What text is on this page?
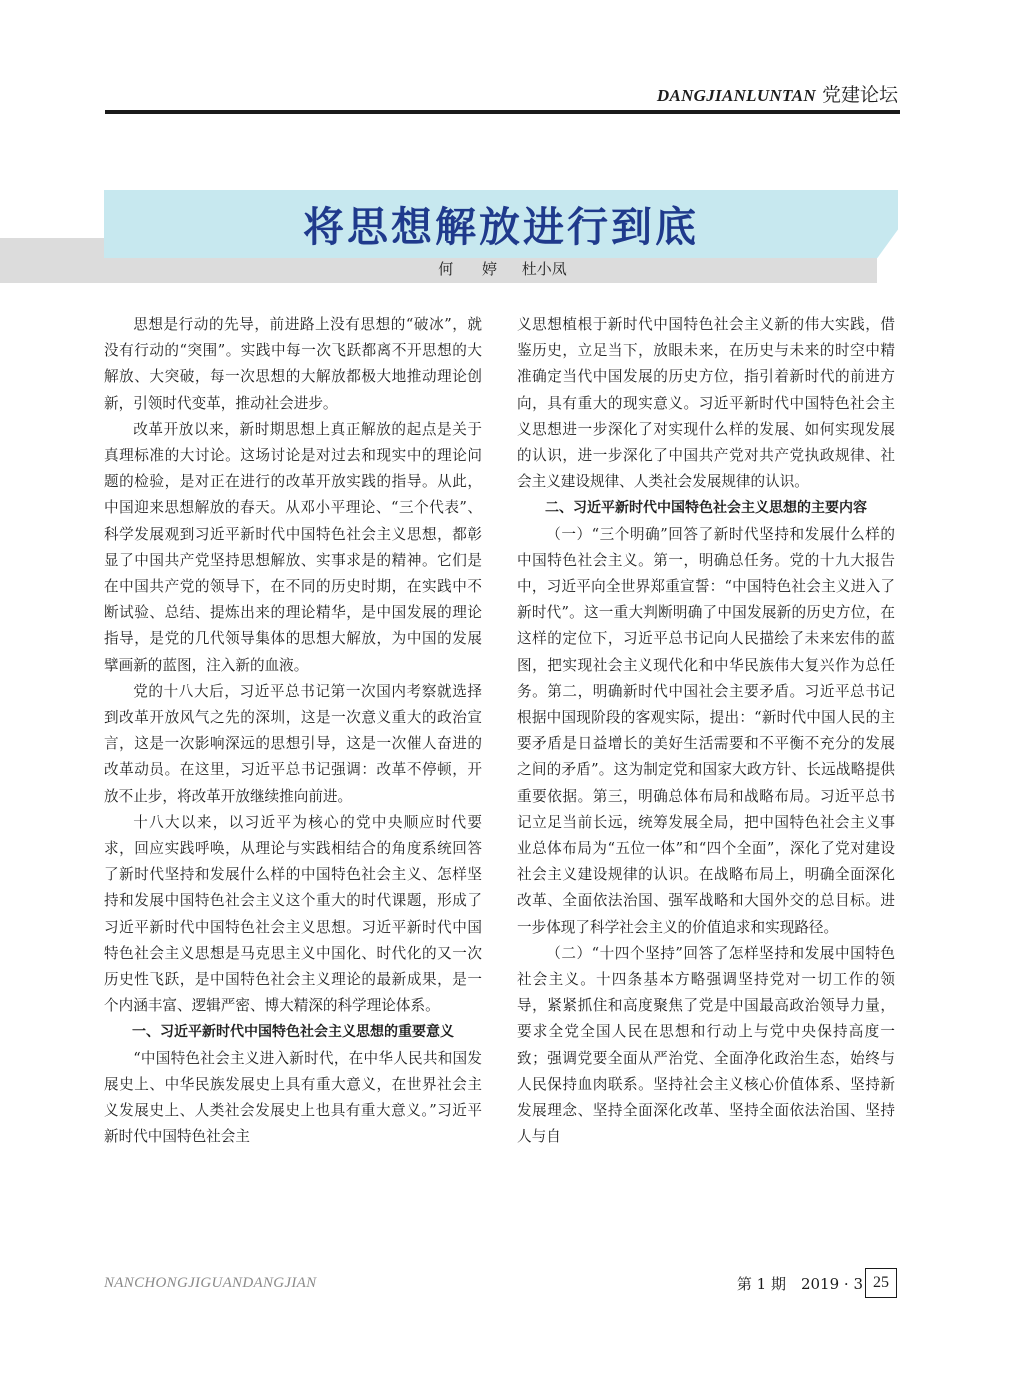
DANGJIANLUNTAN 党建论坛
将思想解放进行到底
何 婷 杜小凤

思想是行动的先导，前进路上没有思想的“破冰”，就没有行动的“突围”。实践中每一次飞跃都离不开思想的大解放、大突破，每一次思想的大解放都极大地推动理论创新，引领时代变革，推动社会进步。

改革开放以来，新时期思想上真正解放的起点是关于真理标准的大讨论。这场讨论是对过去和现实中的理论问题的检验，是对正在进行的改革开放实践的指导。从此，中国迎来思想解放的春天。从邓小平理论、“三个代表”、科学发展观到习近平新时代中国特色社会主义思想，都彰显了中国共产党坚持思想解放、实事求是的精神。它们是在中国共产党的领导下，在不同的历史时期，在实践中不断试验、总结、提炼出来的理论精华，是中国发展的理论指导，是党的几代领导集体的思想大解放，为中国的发展擘画新的蓝图，注入新的血液。

党的十八大后，习近平总书记第一次国内考察就选择到改革开放风气之先的深圳，这是一次意义重大的政治宣言，这是一次影响深远的思想引导，这是一次催人奋进的改革动员。在这里，习近平总书记强调：改革不停顿，开放不止步，将改革开放继续推向前进。

十八大以来，以习近平为核心的党中央顺应时代要求，回应实践呼唤，从理论与实践相结合的角度系统回答了新时代坚持和发展什么样的中国特色社会主义、怎样坚持和发展中国特色社会主义这个重大的时代课题，形成了习近平新时代中国特色社会主义思想。习近平新时代中国特色社会主义思想是马克思主义中国化、时代化的又一次历史性飞跃，是中国特色社会主义理论的最新成果，是一个内涵丰富、逻辑严密、博大精深的科学理论体系。

一、习近平新时代中国特色社会主义思想的重要意义

“中国特色社会主义进入新时代，在中华人民共和国发展史上、中华民族发展史上具有重大意义，在世界社会主义发展史上、人类社会发展史上也具有重大意义。”习近平新时代中国特色社会主

义思想植根于新时代中国特色社会主义新的伟大实践，借鉴历史，立足当下，放眼未来，在历史与未来的时空中精准确定当代中国发展的历史方位，指引着新时代的前进方向，具有重大的现实意义。习近平新时代中国特色社会主义思想进一步深化了对实现什么样的发展、如何实现发展的认识，进一步深化了中国共产党对共产党执政规律、社会主义建设规律、人类社会发展规律的认识。

二、习近平新时代中国特色社会主义思想的主要内容

（一）“三个明确”回答了新时代坚持和发展什么样的中国特色社会主义。第一，明确总任务。党的十九大报告中，习近平向全世界郑重宣誓：“中国特色社会主义进入了新时代”。这一重大判断明确了中国发展新的历史方位，在这样的定位下，习近平总书记向人民描绘了未来宏伟的蓝图，把实现社会主义现代化和中华民族伟大复兴作为总任务。第二，明确新时代中国社会主要矛盾。习近平总书记根据中国现阶段的客观实际，提出：“新时代中国人民的主要矛盾是日益增长的美好生活需要和不平衡不充分的发展之间的矛盾”。这为制定党和国家大政方针、长远战略提供重要依据。第三，明确总体布局和战略布局。习近平总书记立足当前长远，统筹发展全局，把中国特色社会主义事业总体布局为“五位一体”和“四个全面”，深化了党对建设社会主义建设规律的认识。在战略布局上，明确全面深化改革、全面依法治国、强军战略和大国外交的总目标。进一步体现了科学社会主义的价值追求和实现路径。

（二）“十四个坚持”回答了怎样坚持和发展中国特色社会主义。十四条基本方略强调坚持党对一切工作的领导，紧紧抓住和高度聚焦了党是中国最高政治领导力量，要求全党全国人民在思想和行动上与党中央保持高度一致；强调党要全面从严治党、全面净化政治生态，始终与人民保持血肉联系。坚持社会主义核心价值体系、坚持新发展理念、坚持全面深化改革、坚持全面依法治国、坚持人与自

NANCHONGJIGUANDANGJIAN	第 1 期　2019 · 3 25
